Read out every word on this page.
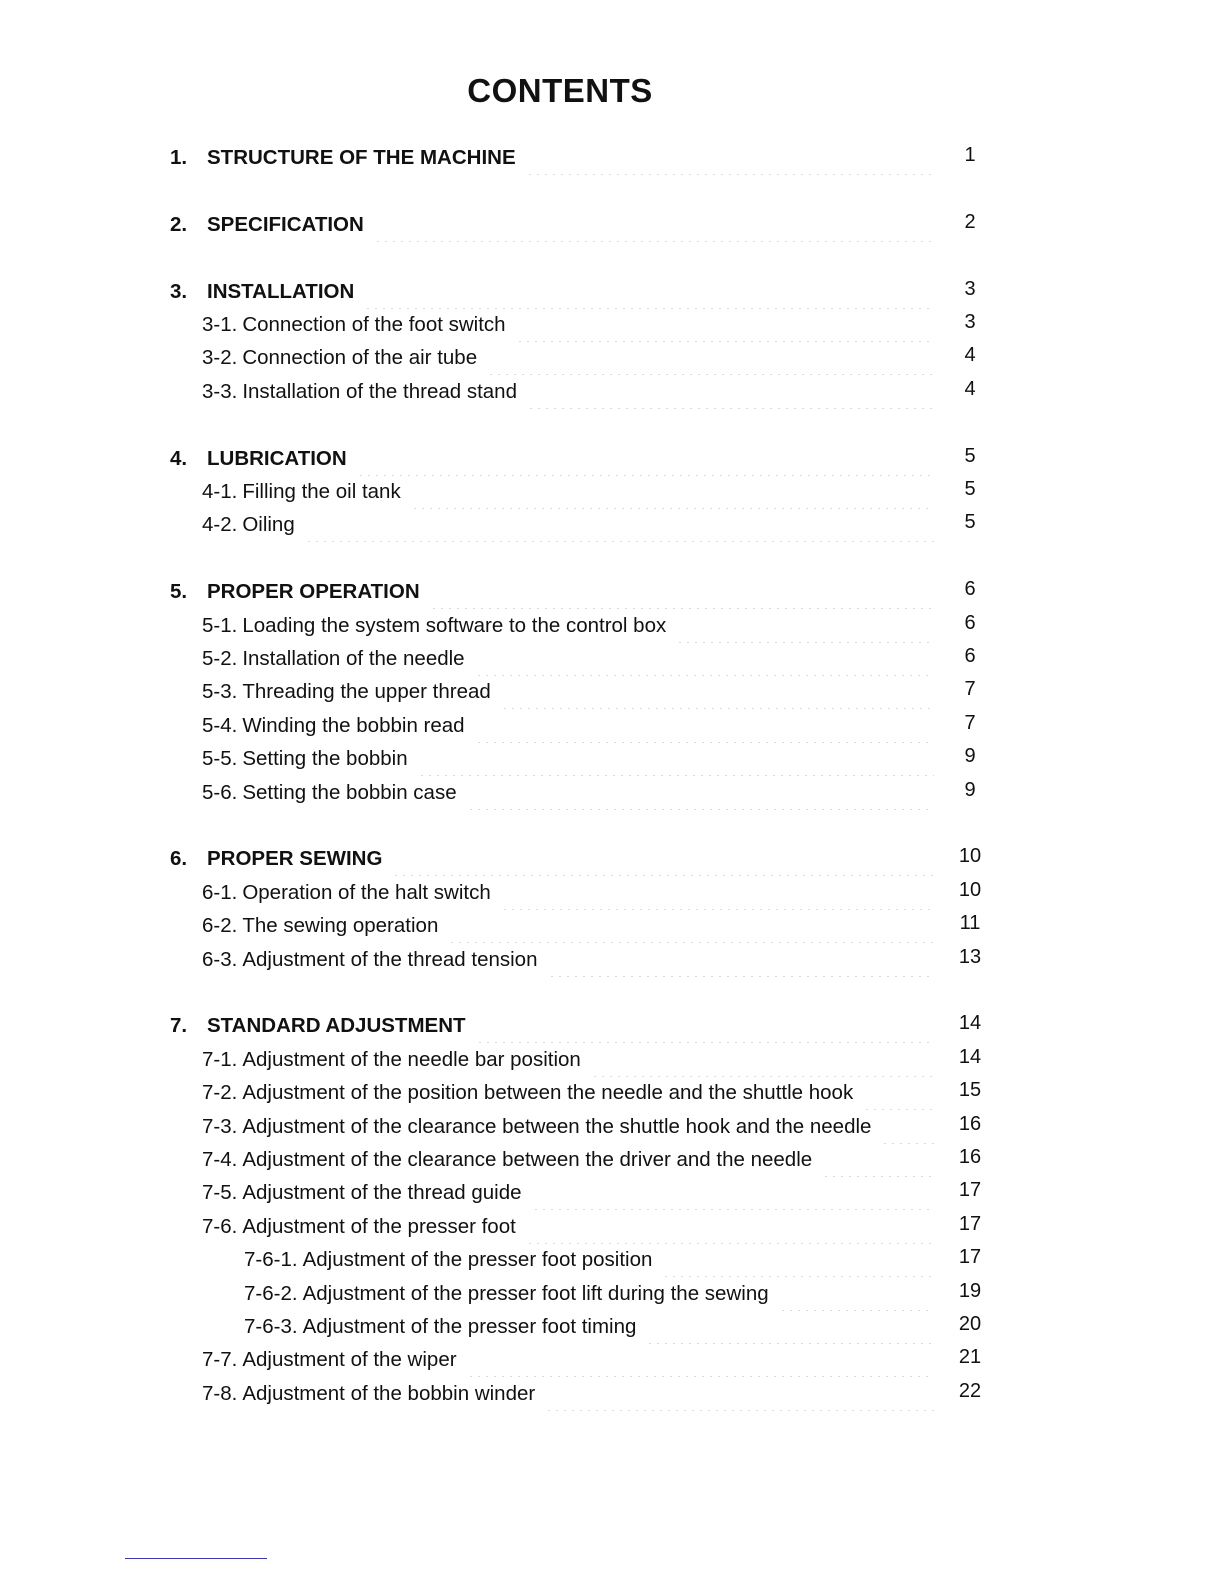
CONTENTS
1. STRUCTURE OF THE MACHINE	1
2. SPECIFICATION	2
3. INSTALLATION	3
3-1. Connection of the foot switch	3
3-2. Connection of the air tube	4
3-3. Installation of the thread stand	4
4. LUBRICATION	5
4-1. Filling the oil tank	5
4-2. Oiling	5
5. PROPER OPERATION	6
5-1. Loading the system software to the control box	6
5-2. Installation of the needle	6
5-3. Threading the upper thread	7
5-4. Winding the bobbin read	7
5-5. Setting the bobbin	9
5-6. Setting the bobbin case	9
6. PROPER SEWING	10
6-1. Operation of the halt switch	10
6-2. The sewing operation	11
6-3. Adjustment of the thread tension	13
7. STANDARD ADJUSTMENT	14
7-1. Adjustment of the needle bar position	14
7-2. Adjustment of the position between the needle and the shuttle hook	15
7-3. Adjustment of the clearance between the shuttle hook and the needle	16
7-4. Adjustment of the clearance between the driver and the needle	16
7-5. Adjustment of the thread guide	17
7-6. Adjustment of the presser foot	17
7-6-1. Adjustment of the presser foot position	17
7-6-2. Adjustment of the presser foot lift during the sewing	19
7-6-3. Adjustment of the presser foot timing	20
7-7. Adjustment of the wiper	21
7-8. Adjustment of the bobbin winder	22
